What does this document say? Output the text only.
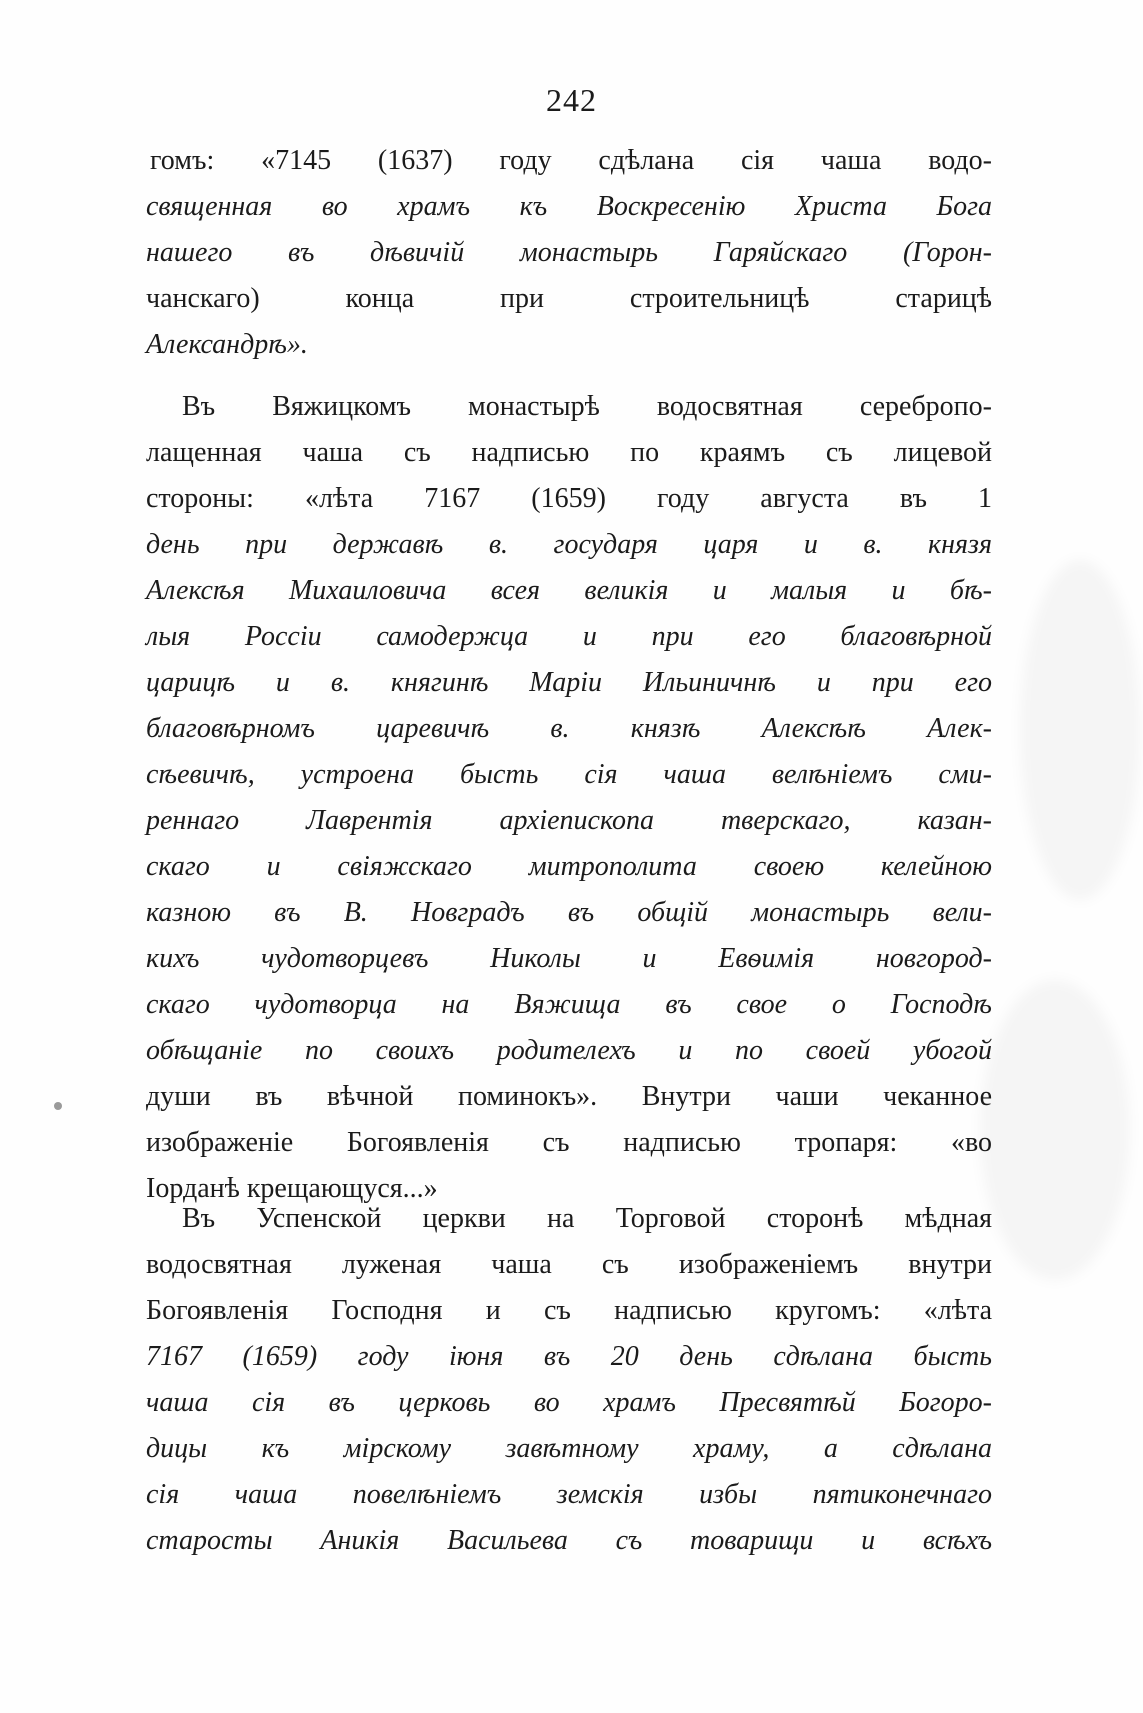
242
гомъ: «7145 (1637) году сдѣлана сія чаша водо-
священная во храмъ къ Воскресенію Христа Бога
нашего въ дѣвичій монастырь Гаряйскаго (Горон-
чанскаго) конца при строительницѣ старицѣ
Александрѣ».
Въ Вяжицкомъ монастырѣ водосвятная серебропо-
лащенная чаша съ надписью по краямъ съ лицевой
стороны: «лѣта 7167 (1659) году августа въ 1
день при державѣ в. государя царя и в. князя
Алексѣя Михаиловича всея великія и малыя и бѣ-
лыя Россіи самодержца и при его благовѣрной
царицѣ и в. княгинѣ Маріи Ильиничнѣ и при его
благовѣрномъ царевичѣ в. князѣ Алексѣѣ Алек-
сѣевичѣ, устроена бысть сія чаша велѣніемъ сми-
реннаго Лаврентія архіепископа тверскаго, казан-
скаго и свіяжскаго митрополита своею келейною
казною въ В. Новградъ въ общій монастырь вели-
кихъ чудотворцевъ Николы и Евѳимія новгород-
скаго чудотворца на Вяжища въ свое о Господѣ
обѣщаніе по своихъ родителехъ и по своей убогой
души въ вѣчной поминокъ». Внутри чаши чеканное
изображеніе Богоявленія съ надписью тропаря: «во
Іорданѣ крещающуся...»
Въ Успенской церкви на Торговой сторонѣ мѣдная
водосвятная луженая чаша съ изображеніемъ внутри
Богоявленія Господня и съ надписью кругомъ: «лѣта
7167 (1659) году іюня въ 20 день сдѣлана бысть
чаша сія въ церковь во храмъ Пресвятѣй Богоро-
дицы къ мірскому завѣтному храму, а сдѣлана
сія чаша повелѣніемъ земскія избы пятиконечнаго
старосты Аникія Васильева съ товарищи и всѣхъ
